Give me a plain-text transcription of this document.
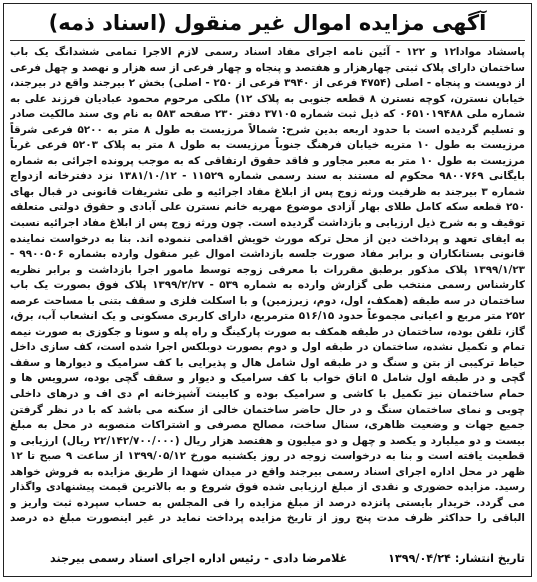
آگهی مزایده اموال غیر منقول (اسناد ذمه)
پاسشاد موادا۱۲ و ۱۲۲ - آئین نامه اجرای مفاد اسناد رسمی لازم الاجرا تمامی ششدانگ یک باب ساختمان دارای پلاک ثبتی چهارهزار و هفتصد و پنجاه و چهار فرعی از سه هزار و نهصد و چهل فرعی از دویست و پنجاه - اصلی (۴۷۵۴ فرعی از ۳۹۴۰ فرعی از ۲۵۰ - اصلی) بخش ۲ بیرجند واقع در بیرجند، خیابان نسترن، کوچه نسترن ۸ قطعه جنوبی به پلاک ۱۲) ملکی مرحوم محمود عبادیان فرزند علی به شماره ملی ۰۶۵۱۰۱۹۴۸۸ که ذیل ثبت شماره ۳۷۱۰۵ دفتر ۲۳۰ صفحه ۵۸۳ به نام وی سند مالکیت صادر و تسلیم گردیده است با حدود اربعه بدین شرح: شمالاً مرزیست به طول ۸ متر به ۵۲۰۰ فرعی شرقاً مرزیست به طول ۱۰ متریه خیابان فرهنگ جنوباً مرزیست به طول ۸ متر به پلاک ۵۲۰۳ فرعی غرباً مرزیست به طول ۱۰ متر به معبر مجاور و فاقد حقوق ارتفاقی که به موجب پرونده اجرائی به شماره بایگانی ۹۸۰۰۷۶۹ محکوم له مستند به سند رسمی شماره ۱۱۵۲۹ - ۱۳۸۱/۱۰/۱۲ نزد دفترخانه ازدواج شماره ۳ بیرجند به ظرفیت ورثه زوج پس از ابلاغ مفاد اجرائیه و طی تشریفات قانونی در قبال بهای ۲۵۰ قطعه سکه کامل طلای بهار آزادی موضوع مهریه خانم نسترن علی آبادی و حقوق دولتی متعلقه توقیف و به شرح ذیل ارزیابی و بازداشت گردیده است. چون ورثه زوج پس از ابلاغ مفاد اجرائیه نسبت به ایفای تعهد و پرداخت دین از محل ترکه مورث خویش اقدامی ننموده اند. بنا به درخواست نماینده قانونی بستانکاران و برابر مفاد صورت جلسه بازداشت اموال غیر منقول وارده بشماره ۹۹۰۰۵۰۶ - ۱۳۹۹/۱/۲۳ پلاک مذکور برطبق مقررات با معرفی زوجه توسط مامور اجرا بازداشت و برابر نظریه کارشناس رسمی منتخب طی گزارش وارده به شماره ۵۳۹ - ۱۳۹۹/۲/۲۷ پلاک فوق بصورت یک باب ساختمان در سه طبقه (همکف، اول، دوم، زیرزمین) و با اسکلت فلزی و سقف بتنی با مساحت عرصه ۲۵۲ متر مربع و اعیانی مجموعاً حدود ۵۱۶/۱۵ مترمربع، دارای کاربری مسکونی و یک انشعاب آب، برق، گاز، تلفن بوده، ساختمان در طبقه همکف به صورت پارکینگ و راه پله و سونا و جکوزی به صورت نیمه تمام و تکمیل نشده، ساختمان در طبقه اول و دوم بصورت دوبلکس اجرا شده است، کف سازی داخل حیاط ترکیبی از بتن و سنگ و در طبقه اول شامل هال و پذیرایی با کف سرامیک و دیوارها و سقف گچی و در طبقه اول شامل ۵ اتاق خواب با کف سرامیک و دیوار و سقف گچی بوده، سرویس ها و حمام ساختمان نیز تکمیل با کاشی و سرامیک بوده و کابینت آشپزخانه ام دی اف و درهای داخلی چوبی و نمای ساختمان سنگ و در حال حاضر ساختمان خالی از سکنه می باشد که با در نظر گرفتن جمیع جهات و وضعیت ظاهری، سنال ساخت، مصالح مصرفی و اشتراکات منصوبه در محل به مبلغ بیست و دو میلیارد و یکصد و چهل و دو میلیون و هفتصد هزار ریال (۲۲/۱۴۲/۷۰۰/۰۰۰ ریال) ارزیابی و قطعیت یافته است و بنا به درخواست زوجه در روز یکشنبه مورخ ۱۳۹۹/۰۵/۱۲ از ساعت ۹ صبح تا ۱۲ ظهر در محل اداره اجرای اسناد رسمی بیرجند واقع در میدان شهدا از طریق مزایده به فروش خواهد رسید. مزایده حضوری و نقدی از مبلغ ارزیابی شده فوق شروع و به بالاترین قیمت پیشنهادی واگذار می گردد. خریدار بایستی پانزده درصد از مبلغ مزایده را فی المجلس به حساب سپرده ثبت واریز و الباقی را حداکثر ظرف مدت پنج روز از تاریخ مزایده پرداخت نماید در غیر اینصورت مبلغ ده درصد
تاریخ انتشار:
۱۳۹۹/۰۴/۲۴
غلامرضا دادی - رئیس اداره اجرای اسناد رسمی بیرجند
